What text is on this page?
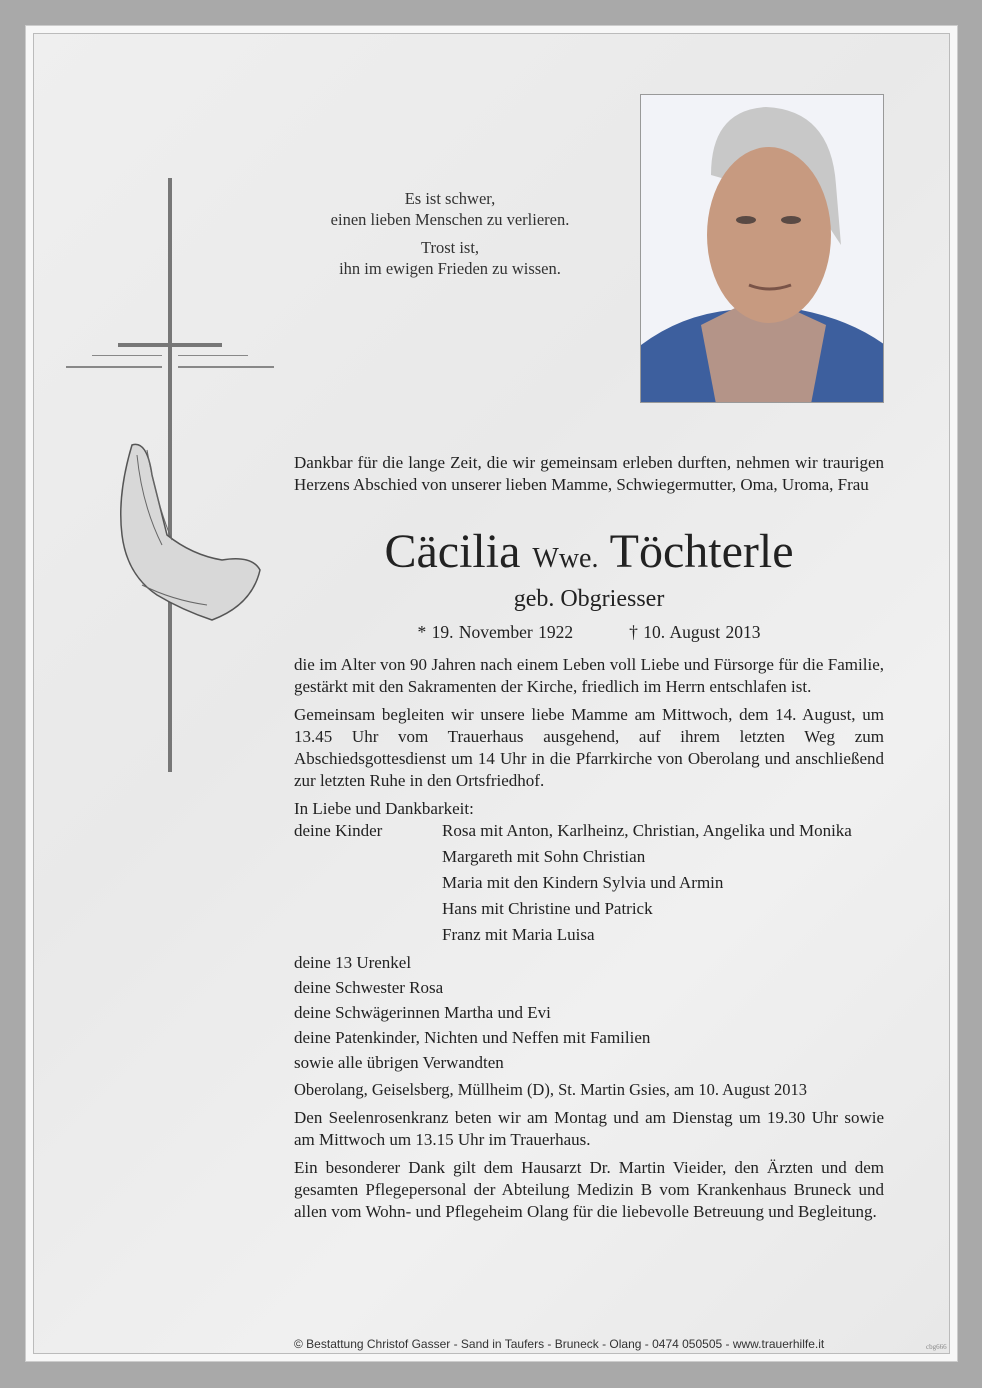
Es ist schwer,
einen lieben Menschen zu verlieren.
Trost ist,
ihn im ewigen Frieden zu wissen.
Dankbar für die lange Zeit, die wir gemeinsam erleben durften, nehmen wir traurigen Herzens Abschied von unserer lieben Mamme, Schwiegermutter, Oma, Uroma, Frau
Cäcilia Wwe. Töchterle
geb. Obgriesser
* 19. November 1922	† 10. August 2013

die im Alter von 90 Jahren nach einem Leben voll Liebe und Fürsorge für die Familie, gestärkt mit den Sakramenten der Kirche, friedlich im Herrn entschlafen ist.

Gemeinsam begleiten wir unsere liebe Mamme am Mittwoch, dem 14. August, um 13.45 Uhr vom Trauerhaus ausgehend, auf ihrem letzten Weg zum Abschiedsgottesdienst um 14 Uhr in die Pfarrkirche von Oberolang und anschließend zur letzten Ruhe in den Ortsfriedhof.

In Liebe und Dankbarkeit:
deine Kinder	Rosa mit Anton, Karlheinz, Christian, Angelika und Monika
Margareth mit Sohn Christian
Maria mit den Kindern Sylvia und Armin
Hans mit Christine und Patrick
Franz mit Maria Luisa
deine 13 Urenkel
deine Schwester Rosa
deine Schwägerinnen Martha und Evi
deine Patenkinder, Nichten und Neffen mit Familien
sowie alle übrigen Verwandten

Oberolang, Geiselsberg, Müllheim (D), St. Martin Gsies, am 10. August 2013

Den Seelenrosenkranz beten wir am Montag und am Dienstag um 19.30 Uhr sowie am Mittwoch um 13.15 Uhr im Trauerhaus.

Ein besonderer Dank gilt dem Hausarzt Dr. Martin Vieider, den Ärzten und dem gesamten Pflegepersonal der Abteilung Medizin B vom Krankenhaus Bruneck und allen vom Wohn- und Pflegeheim Olang für die liebevolle Betreuung und Begleitung.

© Bestattung Christof Gasser - Sand in Taufers - Bruneck - Olang - 0474 050505 - www.trauerhilfe.it	cbg666
